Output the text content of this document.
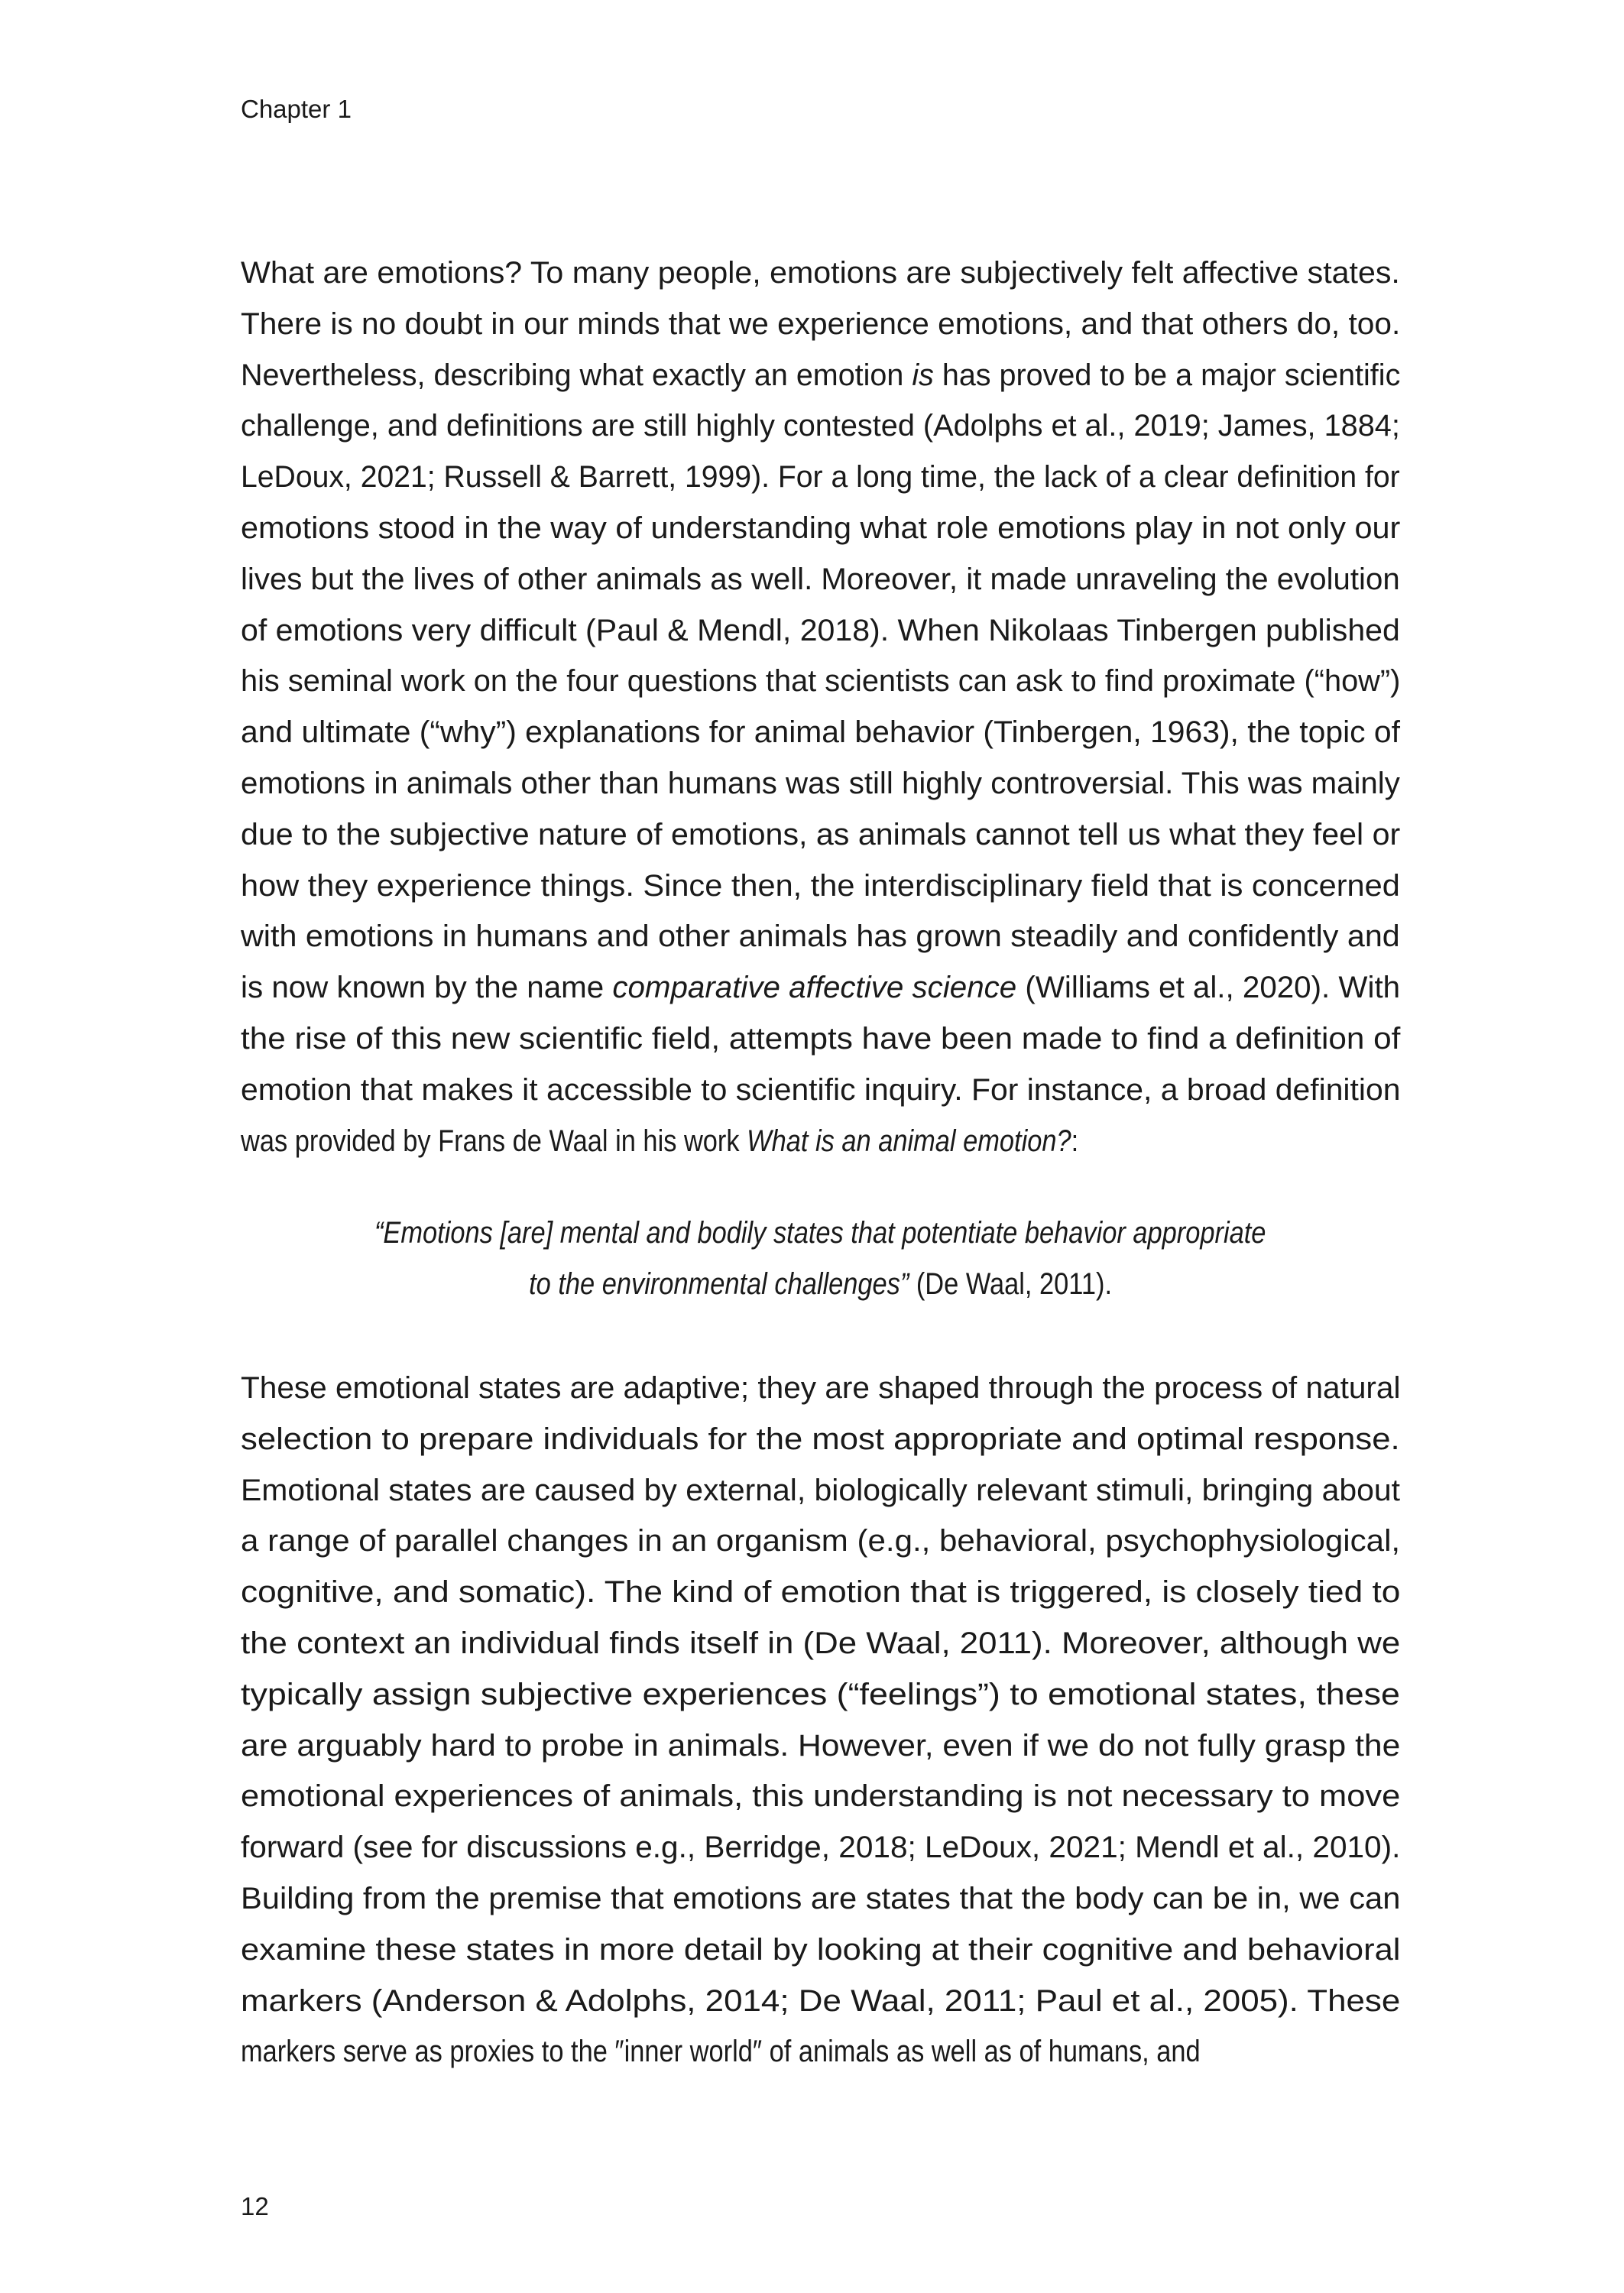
Chapter 1
What are emotions? To many people, emotions are subjectively felt affective states.
There is no doubt in our minds that we experience emotions, and that others do, too.
Nevertheless, describing what exactly an emotion is has proved to be a major scientific
challenge, and definitions are still highly contested (Adolphs et al., 2019; James, 1884;
LeDoux, 2021; Russell & Barrett, 1999). For a long time, the lack of a clear definition for
emotions stood in the way of understanding what role emotions play in not only our
lives but the lives of other animals as well. Moreover, it made unraveling the evolution
of emotions very difficult (Paul & Mendl, 2018). When Nikolaas Tinbergen published
his seminal work on the four questions that scientists can ask to find proximate (“how”)
and ultimate (“why”) explanations for animal behavior (Tinbergen, 1963), the topic of
emotions in animals other than humans was still highly controversial. This was mainly
due to the subjective nature of emotions, as animals cannot tell us what they feel or
how they experience things. Since then, the interdisciplinary field that is concerned
with emotions in humans and other animals has grown steadily and confidently and
is now known by the name comparative affective science (Williams et al., 2020). With
the rise of this new scientific field, attempts have been made to find a definition of
emotion that makes it accessible to scientific inquiry. For instance, a broad definition
was provided by Frans de Waal in his work What is an animal emotion?:
“Emotions [are] mental and bodily states that potentiate behavior appropriate
to the environmental challenges” (De Waal, 2011).
These emotional states are adaptive; they are shaped through the process of natural
selection to prepare individuals for the most appropriate and optimal response.
Emotional states are caused by external, biologically relevant stimuli, bringing about
a range of parallel changes in an organism (e.g., behavioral, psychophysiological,
cognitive, and somatic). The kind of emotion that is triggered, is closely tied to
the context an individual finds itself in (De Waal, 2011). Moreover, although we
typically assign subjective experiences (“feelings”) to emotional states, these
are arguably hard to probe in animals. However, even if we do not fully grasp the
emotional experiences of animals, this understanding is not necessary to move
forward (see for discussions e.g., Berridge, 2018; LeDoux, 2021; Mendl et al., 2010).
Building from the premise that emotions are states that the body can be in, we can
examine these states in more detail by looking at their cognitive and behavioral
markers (Anderson & Adolphs, 2014; De Waal, 2011; Paul et al., 2005). These
markers serve as proxies to the ″inner world″ of animals as well as of humans, and
12
